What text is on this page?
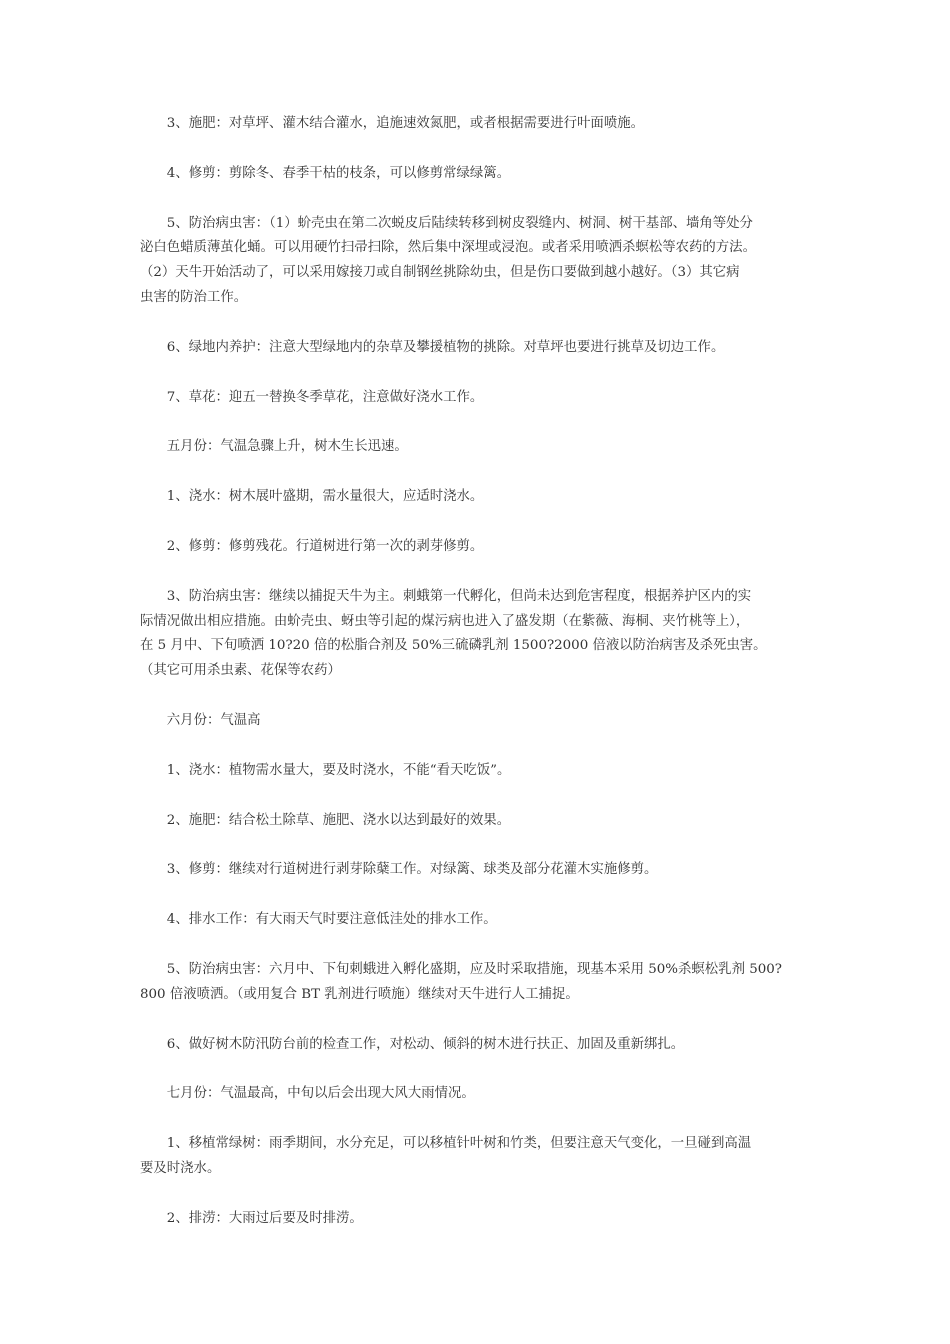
3、施肥：对草坪、灌木结合灌水，追施速效氮肥，或者根据需要进行叶面喷施。

4、修剪：剪除冬、春季干枯的枝条，可以修剪常绿绿篱。

5、防治病虫害：（1）蚧壳虫在第二次蜕皮后陆续转移到树皮裂缝内、树洞、树干基部、墙角等处分
泌白色蜡质薄茧化蛹。可以用硬竹扫帚扫除，然后集中深埋或浸泡。或者采用喷洒杀螟松等农药的方法。
（2）天牛开始活动了，可以采用嫁接刀或自制钢丝挑除幼虫，但是伤口要做到越小越好。（3）其它病
虫害的防治工作。

6、绿地内养护：注意大型绿地内的杂草及攀援植物的挑除。对草坪也要进行挑草及切边工作。

7、草花：迎五一替换冬季草花，注意做好浇水工作。

五月份：气温急骤上升，树木生长迅速。

1、浇水：树木展叶盛期，需水量很大，应适时浇水。

2、修剪：修剪残花。行道树进行第一次的剥芽修剪。

3、防治病虫害：继续以捕捉天牛为主。刺蛾第一代孵化，但尚未达到危害程度，根据养护区内的实
际情况做出相应措施。由蚧壳虫、蚜虫等引起的煤污病也进入了盛发期（在紫薇、海桐、夹竹桃等上），
在 5 月中、下旬喷洒 10?20 倍的松脂合剂及 50%三硫磷乳剂 1500?2000 倍液以防治病害及杀死虫害。
（其它可用杀虫素、花保等农药）

六月份：气温高

1、浇水：植物需水量大，要及时浇水，不能“看天吃饭”。

2、施肥：结合松土除草、施肥、浇水以达到最好的效果。

3、修剪：继续对行道树进行剥芽除蘖工作。对绿篱、球类及部分花灌木实施修剪。

4、排水工作：有大雨天气时要注意低洼处的排水工作。

5、防治病虫害：六月中、下旬刺蛾进入孵化盛期，应及时采取措施，现基本采用 50%杀螟松乳剂 500?
800 倍液喷洒。（或用复合 BT 乳剂进行喷施）继续对天牛进行人工捕捉。

6、做好树木防汛防台前的检查工作，对松动、倾斜的树木进行扶正、加固及重新绑扎。

七月份：气温最高，中旬以后会出现大风大雨情况。

1、移植常绿树：雨季期间，水分充足，可以移植针叶树和竹类，但要注意天气变化，一旦碰到高温
要及时浇水。

2、排涝：大雨过后要及时排涝。
